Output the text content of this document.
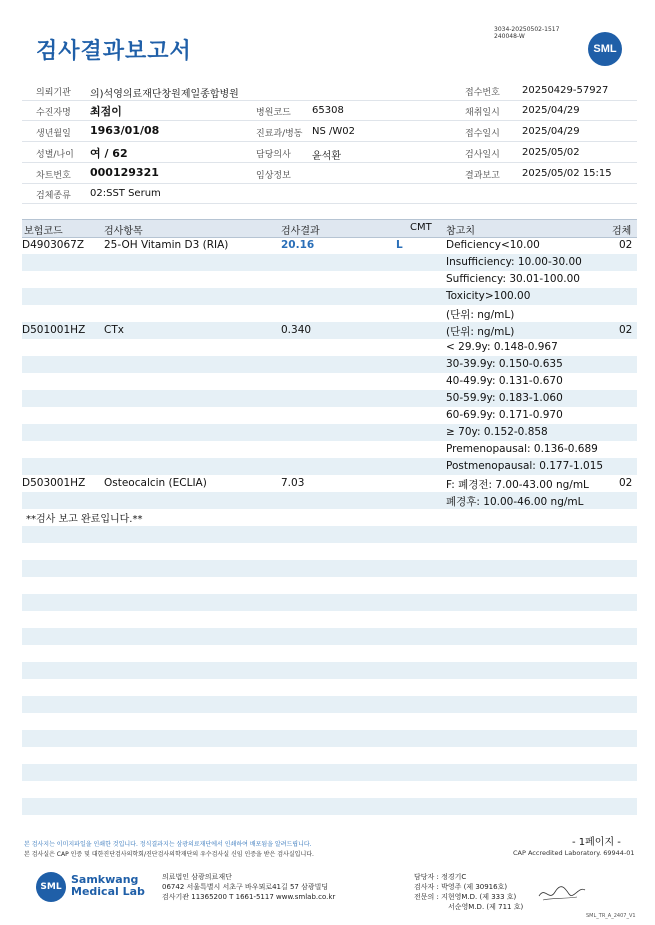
검사결과보고서
3034-20250502-1517
240048-W
SML
의뢰기관 의)석영의료재단창원제일종합병원	접수번호 20250429-57927
수진자명 최점이	병원코드 65308	채취일시 2025/04/29
생년월일 1963/01/08	진료과/병동 NS /W02	접수일시 2025/04/29
성별/나이 여 / 62	담당의사 윤석환	검사일시 2025/05/02
차트번호 000129321	임상정보	결과보고 2025/05/02 15:15
검체종류 02:SST Serum
보험코드	검사항목	검사결과	CMT 참고치	검체
D4903067Z 25-OH Vitamin D3 (RIA)	20.16	L	Deficiency<10.00	02
Insufficiency: 10.00-30.00
Sufficiency: 30.01-100.00
Toxicity>100.00
(단위: ng/mL)
D501001HZ CTx	0.340	(단위: ng/mL)	02
< 29.9y: 0.148-0.967
30-39.9y: 0.150-0.635
40-49.9y: 0.131-0.670
50-59.9y: 0.183-1.060
60-69.9y: 0.171-0.970
≥ 70y: 0.152-0.858
Premenopausal: 0.136-0.689
Postmenopausal: 0.177-1.015
D503001HZ Osteocalcin (ECLIA)	7.03	F: 폐경전: 7.00-43.00 ng/mL	02
폐경후: 10.00-46.00 ng/mL
**검사 보고 완료입니다.**
본 검사지는 이미지파일을 인쇄한 것입니다. 정식결과지는 삼광의료재단에서 인쇄하여 배포됨을 알려드립니다.
본 검사실은 CAP 인증 및 대한진단검사의학회/진단검사의학재단의 우수검사실 신임 인증을 받은 검사실입니다.
- 1페이지 -
CAP Accredited Laboratory. 69944-01
SML
Samkwang
Medical Lab
의료법인 삼광의료재단
06742 서울특별시 서초구 바우뫼로41길 57 삼광빌딩
검사기관 11365200 T 1661-5117 www.smlab.co.kr
담당자 : 정경기C
검사자 : 박영주 (제 30916호)
전문의 : 지현영M.D. (제 333 호)
서순영M.D. (제 711 호)
SML_TR_A_2407_V1
